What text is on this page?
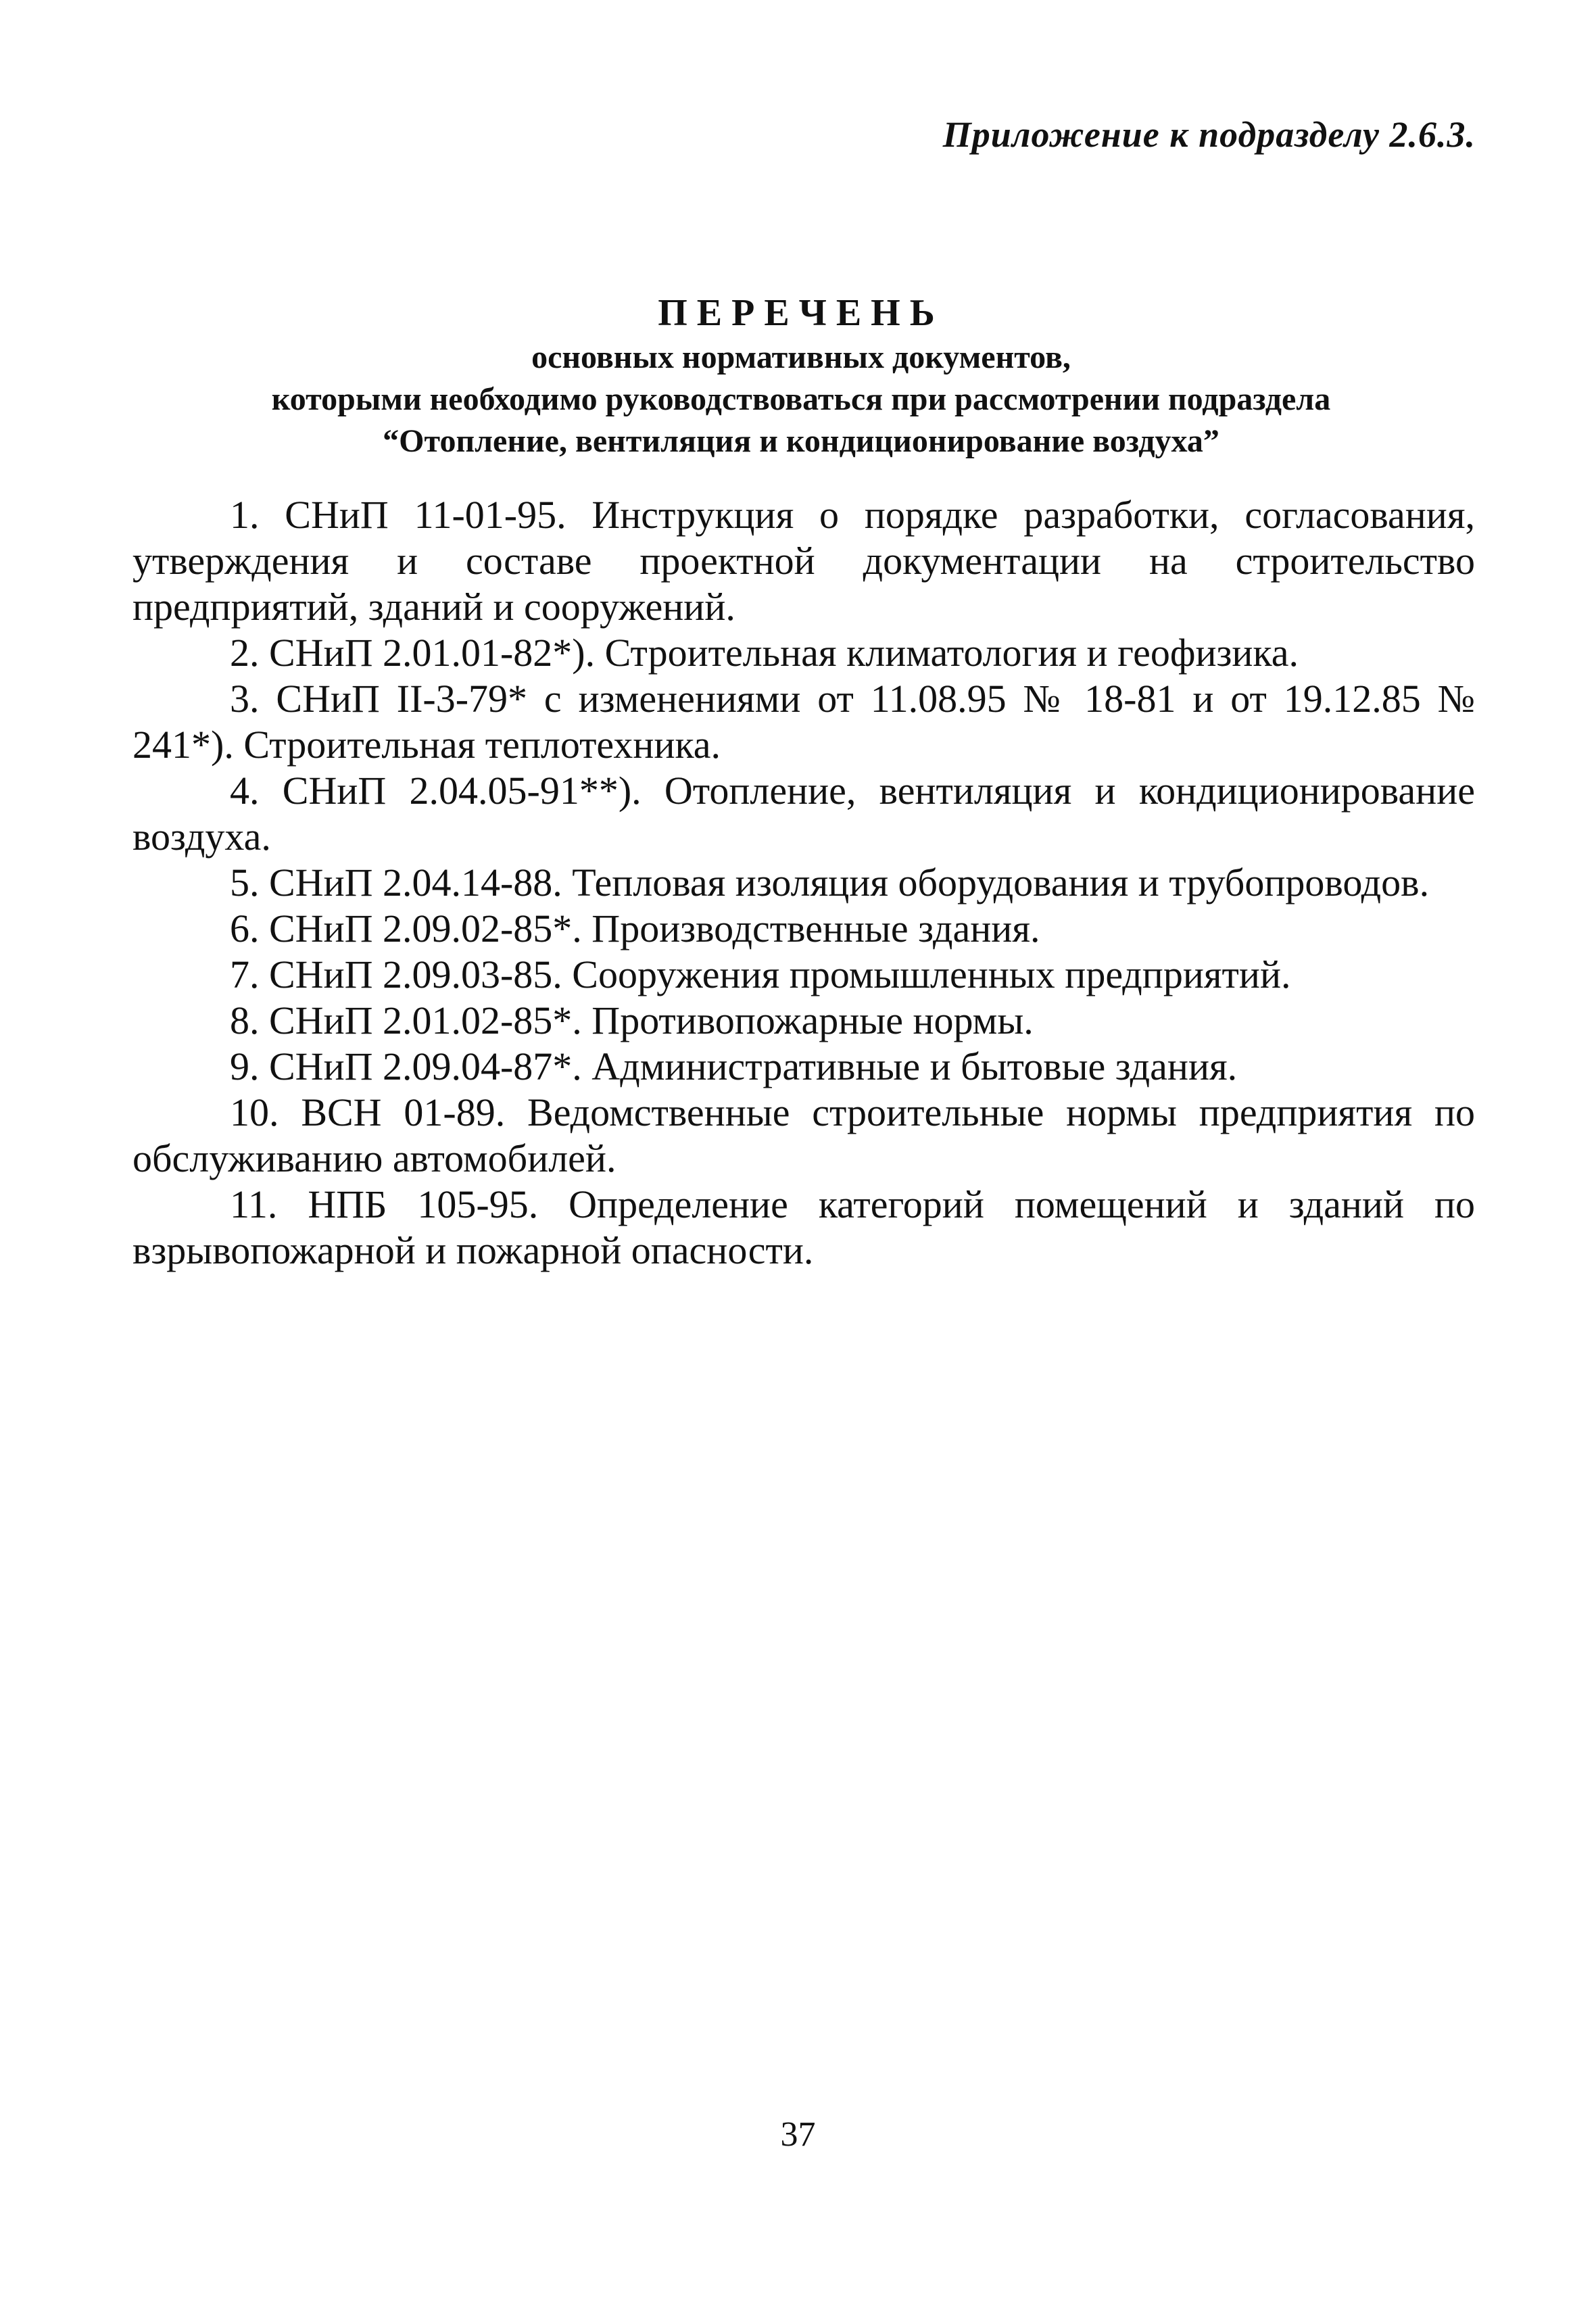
Приложение к подразделу 2.6.3.
ПЕРЕЧЕНЬ
основных нормативных документов,
которыми необходимо руководствоваться при рассмотрении подраздела
“Отопление, вентиляция и кондиционирование воздуха”

1. СНиП 11-01-95. Инструкция о порядке разработки, согласования, утверждения и составе проектной документации на строительство предприятий, зданий и сооружений.

2. СНиП 2.01.01-82*). Строительная климатология и геофизика.

3. СНиП II-3-79* с изменениями от 11.08.95 № 18-81 и от 19.12.85 № 241*). Строительная теплотехника.

4. СНиП 2.04.05-91**). Отопление, вентиляция и кондиционирование воздуха.

5. СНиП 2.04.14-88. Тепловая изоляция оборудования и трубопроводов.

6. СНиП 2.09.02-85*. Производственные здания.

7. СНиП 2.09.03-85. Сооружения промышленных предприятий.

8. СНиП 2.01.02-85*. Противопожарные нормы.

9. СНиП 2.09.04-87*. Административные и бытовые здания.

10. ВСН 01-89. Ведомственные строительные нормы предприятия по обслуживанию автомобилей.

11. НПБ 105-95. Определение категорий помещений и зданий по взрывопожарной и пожарной опасности.

37
